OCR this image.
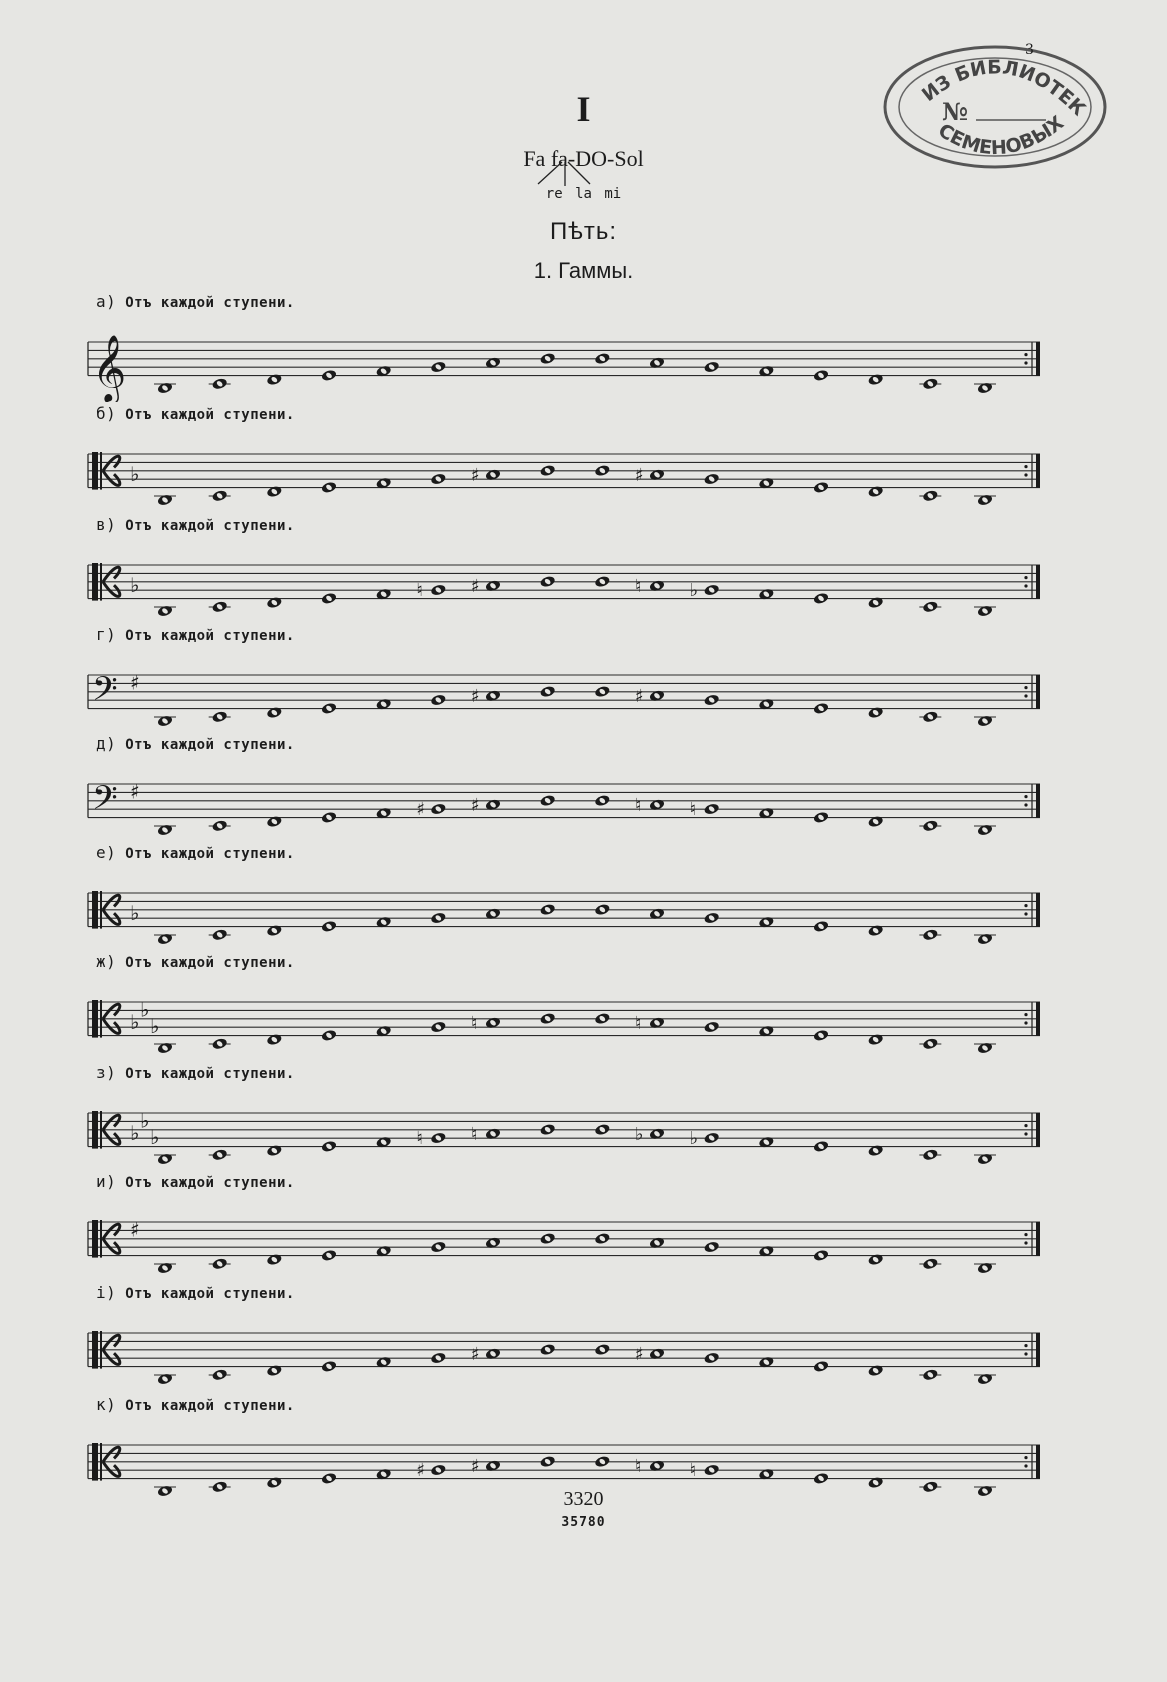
ИЗ БИБЛИОТЕК
СЕМЕНОВЫХ
№
3
I
Fa fa-DO-Sol
re la mi
Пѣть:
1. Гаммы.
а) Отъ каждой ступени.
𝄞
б) Отъ каждой ступени.
♭	♯	♯
в) Отъ каждой ступени.
♭	♮	♯	♮	♭
г) Отъ каждой ступени.
𝄢 ♯
♯	♯
д) Отъ каждой ступени.
𝄢 ♯
♯	♯	♮	♮
е) Отъ каждой ступени.
♭
ж) Отъ каждой ступени.
♭
♭
♭	♮	♮
з) Отъ каждой ступени.
♭
♭
♭	♮	♮	♭	♭
и) Отъ каждой ступени.
♯
i) Отъ каждой ступени.
♯	♯
к) Отъ каждой ступени.
♯	♯	♮	♮
3320
35780
